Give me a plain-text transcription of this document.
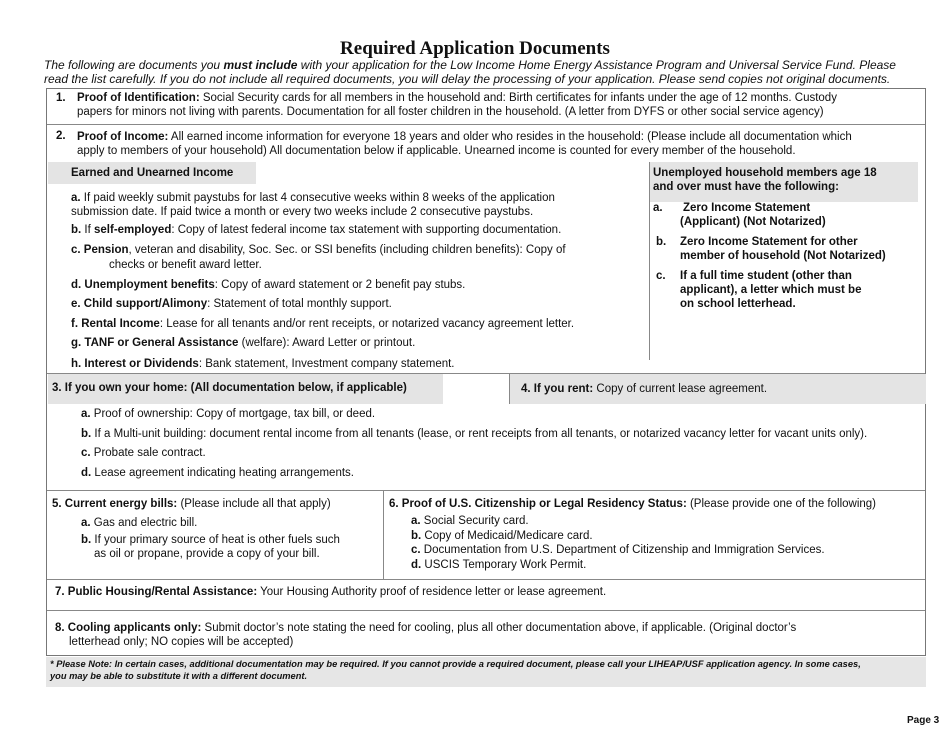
Required Application Documents
The following are documents you must include with your application for the Low Income Home Energy Assistance Program and Universal Service Fund. Please
read the list carefully. If you do not include all required documents, you will delay the processing of your application. Please send copies not original documents.
1. Proof of Identification: Social Security cards for all members in the household and: Birth certificates for infants under the age of 12 months. Custody
papers for minors not living with parents. Documentation for all foster children in the household. (A letter from DYFS or other social service agency)
2. Proof of Income: All earned income information for everyone 18 years and older who resides in the household: (Please include all documentation which
apply to members of your household) All documentation below if applicable. Unearned income is counted for every member of the household.
Earned and Unearned Income
a. If paid weekly submit paystubs for last 4 consecutive weeks within 8 weeks of the application
submission date. If paid twice a month or every two weeks include 2 consecutive paystubs.
b. If self-employed: Copy of latest federal income tax statement with supporting documentation.
c. Pension, veteran and disability, Soc. Sec. or SSI benefits (including children benefits): Copy of
checks or benefit award letter.
d. Unemployment benefits: Copy of award statement or 2 benefit pay stubs.
e. Child support/Alimony: Statement of total monthly support.
f. Rental Income: Lease for all tenants and/or rent receipts, or notarized vacancy agreement letter.
g. TANF or General Assistance (welfare): Award Letter or printout.
h. Interest or Dividends: Bank statement, Investment company statement.
Unemployed household members age 18
and over must have the following:
a. Zero Income Statement
(Applicant) (Not Notarized)
b. Zero Income Statement for other
member of household (Not Notarized)
c. If a full time student (other than
applicant), a letter which must be
on school letterhead.
3. If you own your home: (All documentation below, if applicable)	4. If you rent: Copy of current lease agreement.
a. Proof of ownership: Copy of mortgage, tax bill, or deed.
b. If a Multi-unit building: document rental income from all tenants (lease, or rent receipts from all tenants, or notarized vacancy letter for vacant units only).
c. Probate sale contract.
d. Lease agreement indicating heating arrangements.
5. Current energy bills: (Please include all that apply)
a. Gas and electric bill.
b. If your primary source of heat is other fuels such
as oil or propane, provide a copy of your bill.
6. Proof of U.S. Citizenship or Legal Residency Status: (Please provide one of the following)
a. Social Security card.
b. Copy of Medicaid/Medicare card.
c. Documentation from U.S. Department of Citizenship and Immigration Services.
d. USCIS Temporary Work Permit.
7. Public Housing/Rental Assistance: Your Housing Authority proof of residence letter or lease agreement.
8. Cooling applicants only: Submit doctor’s note stating the need for cooling, plus all other documentation above, if applicable. (Original doctor’s
letterhead only; NO copies will be accepted)
* Please Note: In certain cases, additional documentation may be required. If you cannot provide a required document, please call your LIHEAP/USF application agency. In some cases,
you may be able to substitute it with a different document.
Page 3
